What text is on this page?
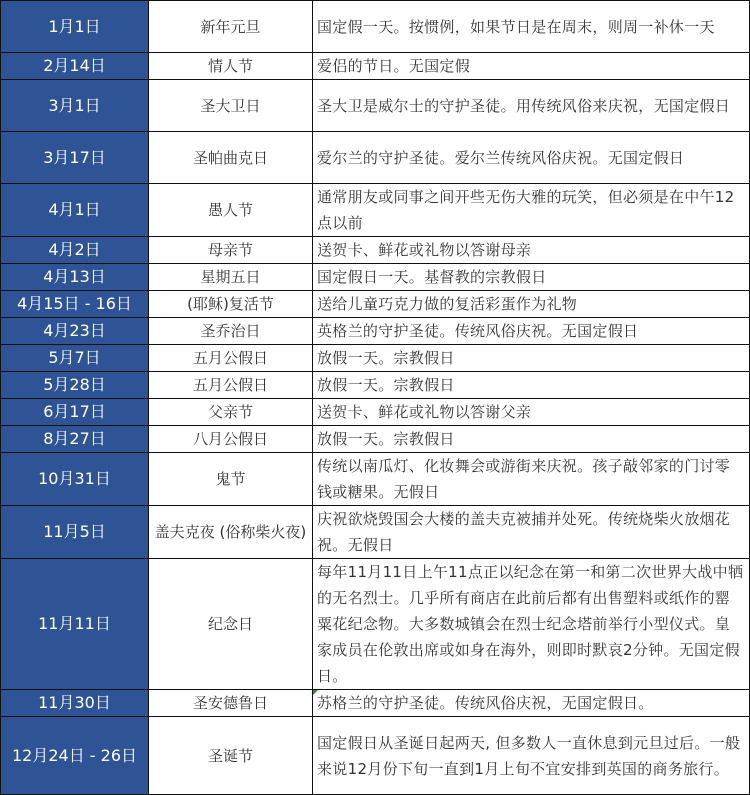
1月1日	新年元旦	国定假一天。按惯例，如果节日是在周末，则周一补休一天
2月14日	情人节	爱侣的节日。无国定假
3月1日	圣大卫日	圣大卫是威尔士的守护圣徒。用传统风俗来庆祝，无国定假日
3月17日	圣帕曲克日	爱尔兰的守护圣徒。爱尔兰传统风俗庆祝。无国定假日
4月1日	愚人节	通常朋友或同事之间开些无伤大雅的玩笑，但必须是在中午12点以前
4月2日	母亲节	送贺卡、鲜花或礼物以答谢母亲
4月13日	星期五日	国定假日一天。基督教的宗教假日
4月15日 - 16日	(耶稣)复活节	送给儿童巧克力做的复活彩蛋作为礼物
4月23日	圣乔治日	英格兰的守护圣徒。传统风俗庆祝。无国定假日
5月7日	五月公假日	放假一天。宗教假日
5月28日	五月公假日	放假一天。宗教假日
6月17日	父亲节	送贺卡、鲜花或礼物以答谢父亲
8月27日	八月公假日	放假一天。宗教假日
10月31日	鬼节	传统以南瓜灯、化妆舞会或游街来庆祝。孩子敲邻家的门讨零钱或糖果。无假日
11月5日	盖夫克夜 (俗称柴火夜)	庆祝欲烧毁国会大楼的盖夫克被捕并处死。传统烧柴火放烟花祝。无假日
11月11日	纪念日	每年11月11日上午11点正以纪念在第一和第二次世界大战中牺的无名烈士。几乎所有商店在此前后都有出售塑料或纸作的罂粟花纪念物。大多数城镇会在烈士纪念塔前举行小型仪式。皇家成员在伦敦出席或如身在海外，则即时默哀2分钟。无国定假日。
11月30日	圣安德鲁日	苏格兰的守护圣徒。传统风俗庆祝，无国定假日。
12月24日 - 26日	圣诞节	国定假日从圣诞日起两天, 但多数人一直休息到元旦过后。一般来说12月份下旬一直到1月上旬不宜安排到英国的商务旅行。
